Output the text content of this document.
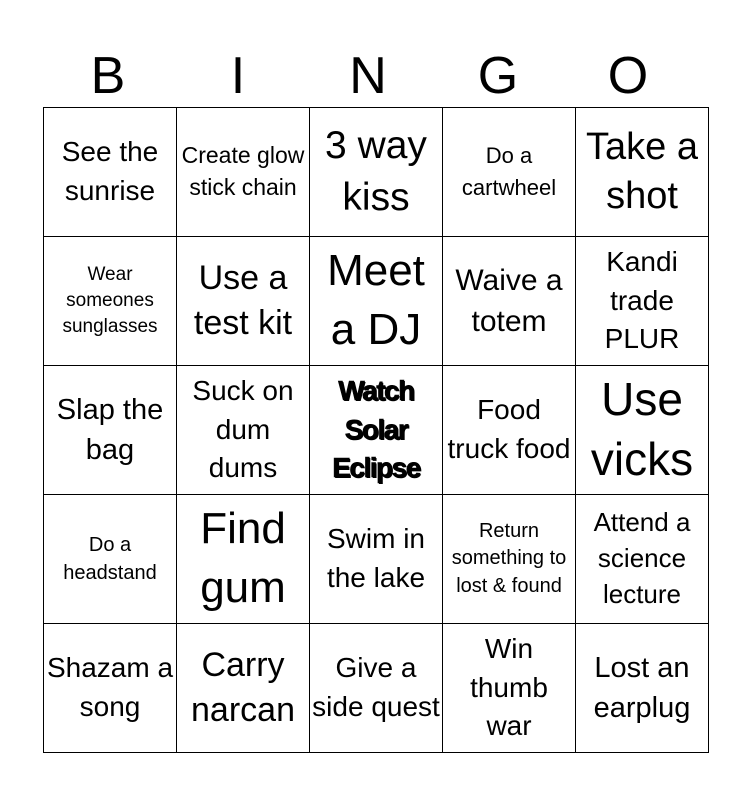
B	I	N	G	O
See the sunrise	Create glow stick chain	3 way kiss	Do a cartwheel	Take a shot

Wear someones sunglasses	Use a test kit	Meet a DJ	Waive a totem	Kandi trade PLUR

Slap the bag	Suck on dum dums	Watch Solar Eclipse	Food truck food	Use vicks

Do a headstand	Find gum	Swim in the lake	Return something to lost & found	Attend a science lecture

Shazam a song	Carry narcan	Give a side quest	Win thumb war	Lost an earplug
